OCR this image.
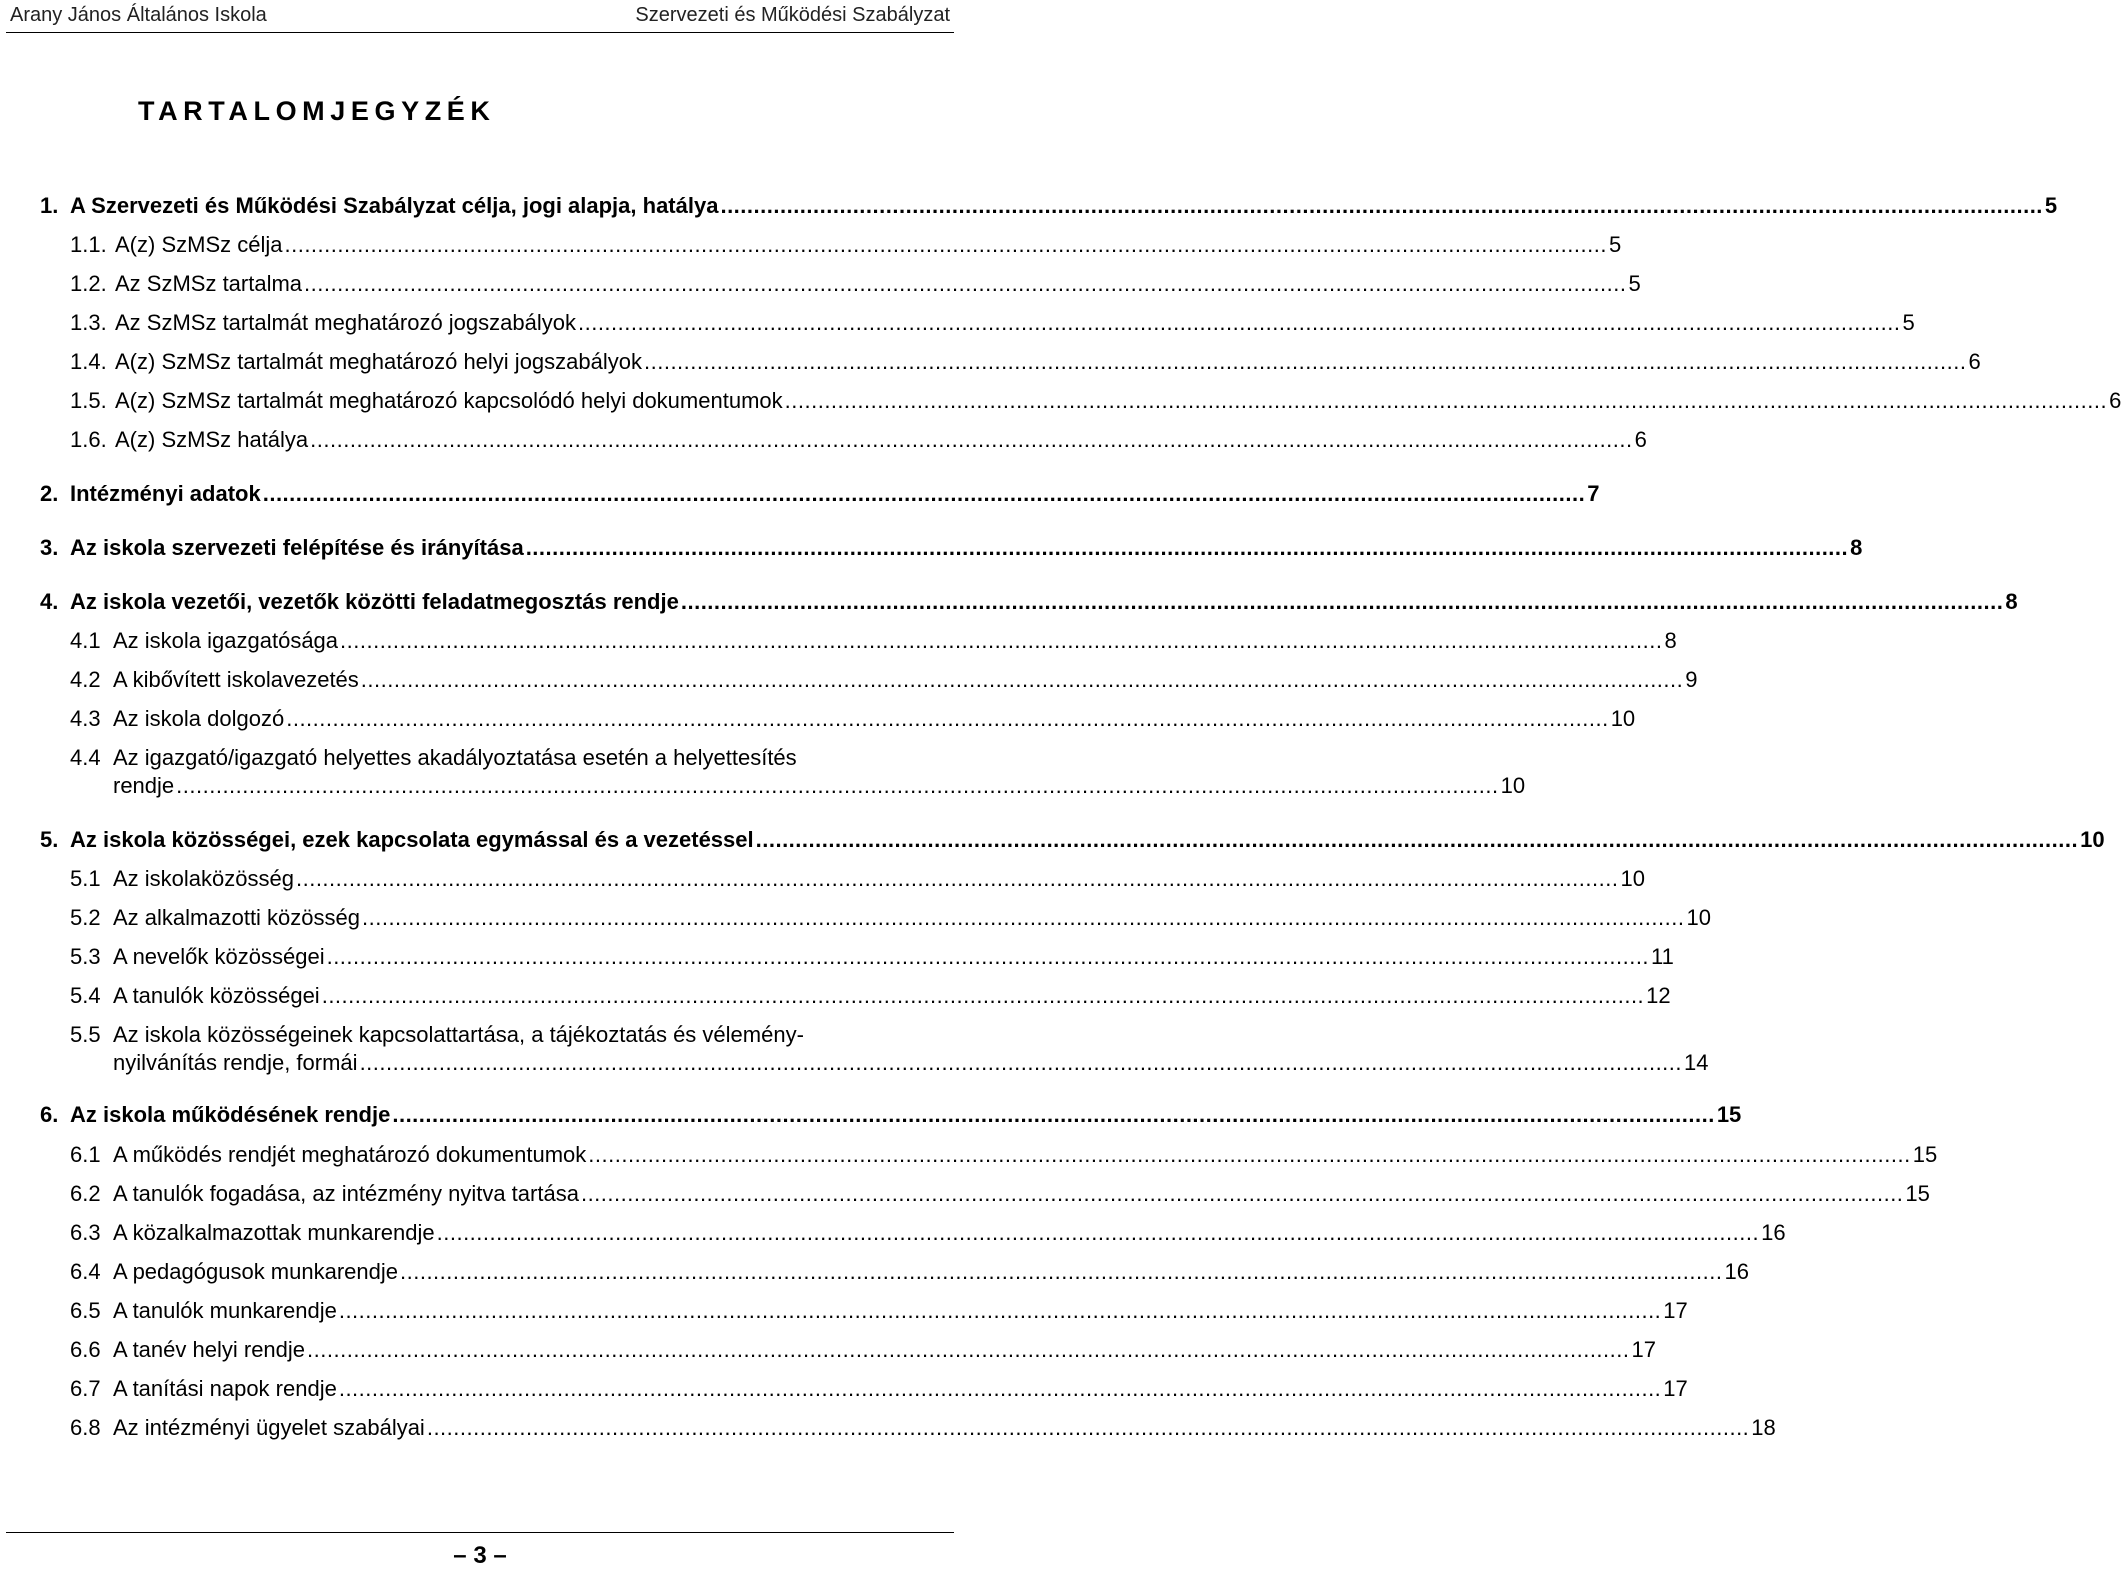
Arany János Általános Iskola	Szervezeti és Működési Szabályzat
TARTALOMJEGYZÉK
1. A Szervezeti és Működési Szabályzat célja, jogi alapja, hatálya ........................................................................................................................................................................................................ 5
1.1. A(z) SzMSz célja ........................................................................................................................................................................................................ 5
1.2. Az SzMSz tartalma ........................................................................................................................................................................................................ 5
1.3. Az SzMSz tartalmát meghatározó jogszabályok ........................................................................................................................................................................................................ 5
1.4. A(z) SzMSz tartalmát meghatározó helyi jogszabályok ........................................................................................................................................................................................................ 6
1.5. A(z) SzMSz tartalmát meghatározó kapcsolódó helyi dokumentumok ........................................................................................................................................................................................................ 6
1.6. A(z) SzMSz hatálya ........................................................................................................................................................................................................ 6
2. Intézményi adatok ........................................................................................................................................................................................................ 7
3. Az iskola szervezeti felépítése és irányítása ........................................................................................................................................................................................................ 8
4. Az iskola vezetői, vezetők közötti feladatmegosztás rendje ........................................................................................................................................................................................................ 8
4.1 Az iskola igazgatósága ........................................................................................................................................................................................................ 8
4.2 A kibővített iskolavezetés ........................................................................................................................................................................................................ 9
4.3 Az iskola dolgozó ........................................................................................................................................................................................................ 10
4.4 Az igazgató/igazgató helyettes akadályoztatása esetén a helyettesítés
rendje ........................................................................................................................................................................................................ 10
5. Az iskola közösségei, ezek kapcsolata egymással és a vezetéssel ........................................................................................................................................................................................................ 10
5.1 Az iskolaközösség ........................................................................................................................................................................................................ 10
5.2 Az alkalmazotti közösség ........................................................................................................................................................................................................ 10
5.3 A nevelők közösségei ........................................................................................................................................................................................................ 11
5.4 A tanulók közösségei ........................................................................................................................................................................................................ 12
5.5 Az iskola közösségeinek kapcsolattartása, a tájékoztatás és vélemény-
nyilvánítás rendje, formái ........................................................................................................................................................................................................ 14
6. Az iskola működésének rendje ........................................................................................................................................................................................................ 15
6.1 A működés rendjét meghatározó dokumentumok ........................................................................................................................................................................................................ 15
6.2 A tanulók fogadása, az intézmény nyitva tartása ........................................................................................................................................................................................................ 15
6.3 A közalkalmazottak munkarendje ........................................................................................................................................................................................................ 16
6.4 A pedagógusok munkarendje ........................................................................................................................................................................................................ 16
6.5 A tanulók munkarendje ........................................................................................................................................................................................................ 17
6.6 A tanév helyi rendje ........................................................................................................................................................................................................ 17
6.7 A tanítási napok rendje ........................................................................................................................................................................................................ 17
6.8 Az intézményi ügyelet szabályai ........................................................................................................................................................................................................ 18
– 3 –
